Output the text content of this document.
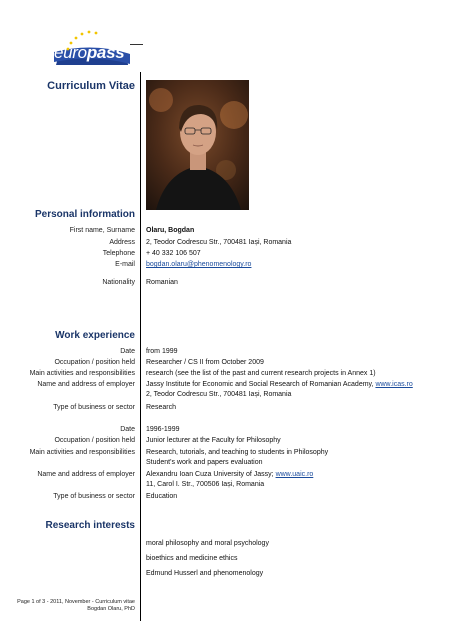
europass
Curriculum Vitae
Personal information
First name, Surname Olaru, Bogdan
Address 2, Teodor Codrescu Str., 700481 Iași, Romania
Telephone + 40 332 106 507
E-mail bogdan.olaru@phenomenology.ro
Nationality Romanian
Work experience
Date from 1999
Occupation / position held Researcher / CS II from October 2009
Main activities and responsibilities research (see the list of the past and current research projects in Annex 1)
Name and address of employer Jassy Institute for Economic and Social Research of Romanian Academy, www.icas.ro
2, Teodor Codrescu Str., 700481 Iași, Romania
Type of business or sector Research
Date 1996-1999
Occupation / position held Junior lecturer at the Faculty for Philosophy
Main activities and responsibilities Research, tutorials, and teaching to students in Philosophy
Student's work and papers evaluation
Name and address of employer Alexandru Ioan Cuza University of Jassy; www.uaic.ro
11, Carol I. Str., 700506 Iași, Romania
Type of business or sector Education
Research interests
moral philosophy and moral psychology
bioethics and medicine ethics
Edmund Husserl and phenomenology
Page 1 of 3 - 2011, November - Curriculum vitae
Bogdan Olaru, PhD
